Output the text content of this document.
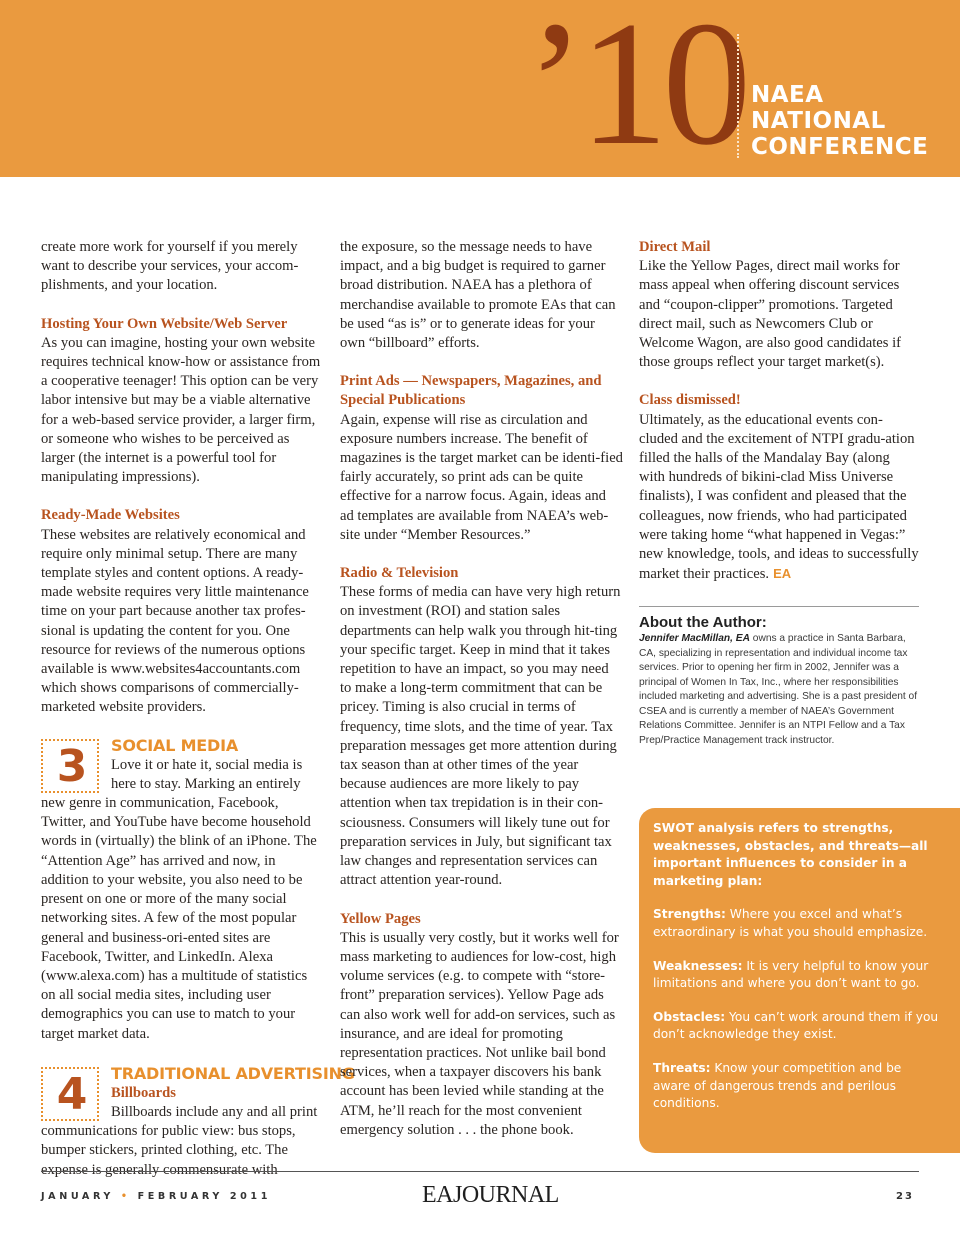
’10 NAEA
NATIONAL
CONFERENCE

create more work for yourself if you merely want to describe your services, your accom-plishments, and your location.

Hosting Your Own Website/Web Server

As you can imagine, hosting your own website requires technical know-how or assistance from a cooperative teenager! This option can be very labor intensive but may be a viable alternative for a web-based service provider, a larger firm, or someone who wishes to be perceived as larger (the internet is a powerful tool for manipulating impressions).

Ready-Made Websites

These websites are relatively economical and require only minimal setup. There are many template styles and content options. A ready-made website requires very little maintenance time on your part because another tax profes-sional is updating the content for you. One resource for reviews of the numerous options available is www.websites4accountants.com which shows comparisons of commercially-marketed website providers.

3	SOCIAL MEDIA

Love it or hate it, social media is here to stay. Marking an entirely new genre in communication, Facebook, Twitter, and YouTube have become household words in (virtually) the blink of an iPhone. The “Attention Age” has arrived and now, in addition to your website, you also need to be present on one or more of the many social networking sites. A few of the most popular general and business-ori-ented sites are Facebook, Twitter, and LinkedIn. Alexa (www.alexa.com) has a multitude of statistics on all social media sites, including user demographics you can use to match to your target market data.

4	TRADITIONAL ADVERTISING

Billboards

Billboards include any and all print communications for public view: bus stops, bumper stickers, printed clothing, etc. The expense is generally commensurate with

the exposure, so the message needs to have impact, and a big budget is required to garner broad distribution. NAEA has a plethora of merchandise available to promote EAs that can be used “as is” or to generate ideas for your own “billboard” efforts.

Print Ads — Newspapers, Magazines, and Special Publications

Again, expense will rise as circulation and exposure numbers increase. The benefit of magazines is the target market can be identi-fied fairly accurately, so print ads can be quite effective for a narrow focus. Again, ideas and ad templates are available from NAEA’s web-site under “Member Resources.”

Radio & Television

These forms of media can have very high return on investment (ROI) and station sales departments can help walk you through hit-ting your specific target. Keep in mind that it takes repetition to have an impact, so you may need to make a long-term commitment that can be pricey. Timing is also crucial in terms of frequency, time slots, and the time of year. Tax preparation messages get more attention during tax season than at other times of the year because audiences are more likely to pay attention when tax trepidation is in their con-sciousness. Consumers will likely tune out for preparation services in July, but significant tax law changes and representation services can attract attention year-round.

Yellow Pages

This is usually very costly, but it works well for mass marketing to audiences for low-cost, high volume services (e.g. to compete with “store-front” preparation services). Yellow Page ads can also work well for add-on services, such as insurance, and are ideal for promoting representation practices. Not unlike bail bond services, when a taxpayer discovers his bank account has been levied while standing at the ATM, he’ll reach for the most convenient emergency solution . . . the phone book.

Direct Mail

Like the Yellow Pages, direct mail works for mass appeal when offering discount services and “coupon-clipper” promotions. Targeted direct mail, such as Newcomers Club or Welcome Wagon, are also good candidates if those groups reflect your target market(s).

Class dismissed!

Ultimately, as the educational events con-cluded and the excitement of NTPI gradu-ation filled the halls of the Mandalay Bay (along with hundreds of bikini-clad Miss Universe finalists), I was confident and pleased that the colleagues, now friends, who had participated were taking home “what happened in Vegas:” new knowledge, tools, and ideas to successfully market their practices. EA

About the Author:

Jennifer MacMillan, EA owns a practice in Santa Barbara, CA, specializing in representation and individual income tax services. Prior to opening her firm in 2002, Jennifer was a principal of Women In Tax, Inc., where her responsibilities included marketing and advertising. She is a past president of CSEA and is currently a member of NAEA’s Government Relations Committee. Jennifer is an NTPI Fellow and a Tax Prep/Practice Management track instructor.

SWOT analysis refers to strengths, weaknesses, obstacles, and threats—all important influences to consider in a marketing plan:

Strengths: Where you excel and what’s extraordinary is what you should emphasize.

Weaknesses: It is very helpful to know your limitations and where you don’t want to go.

Obstacles: You can’t work around them if you don’t acknowledge they exist.

Threats: Know your competition and be aware of dangerous trends and perilous conditions.

JANUARY • FEBRUARY 2011	EAJOURNAL	23
